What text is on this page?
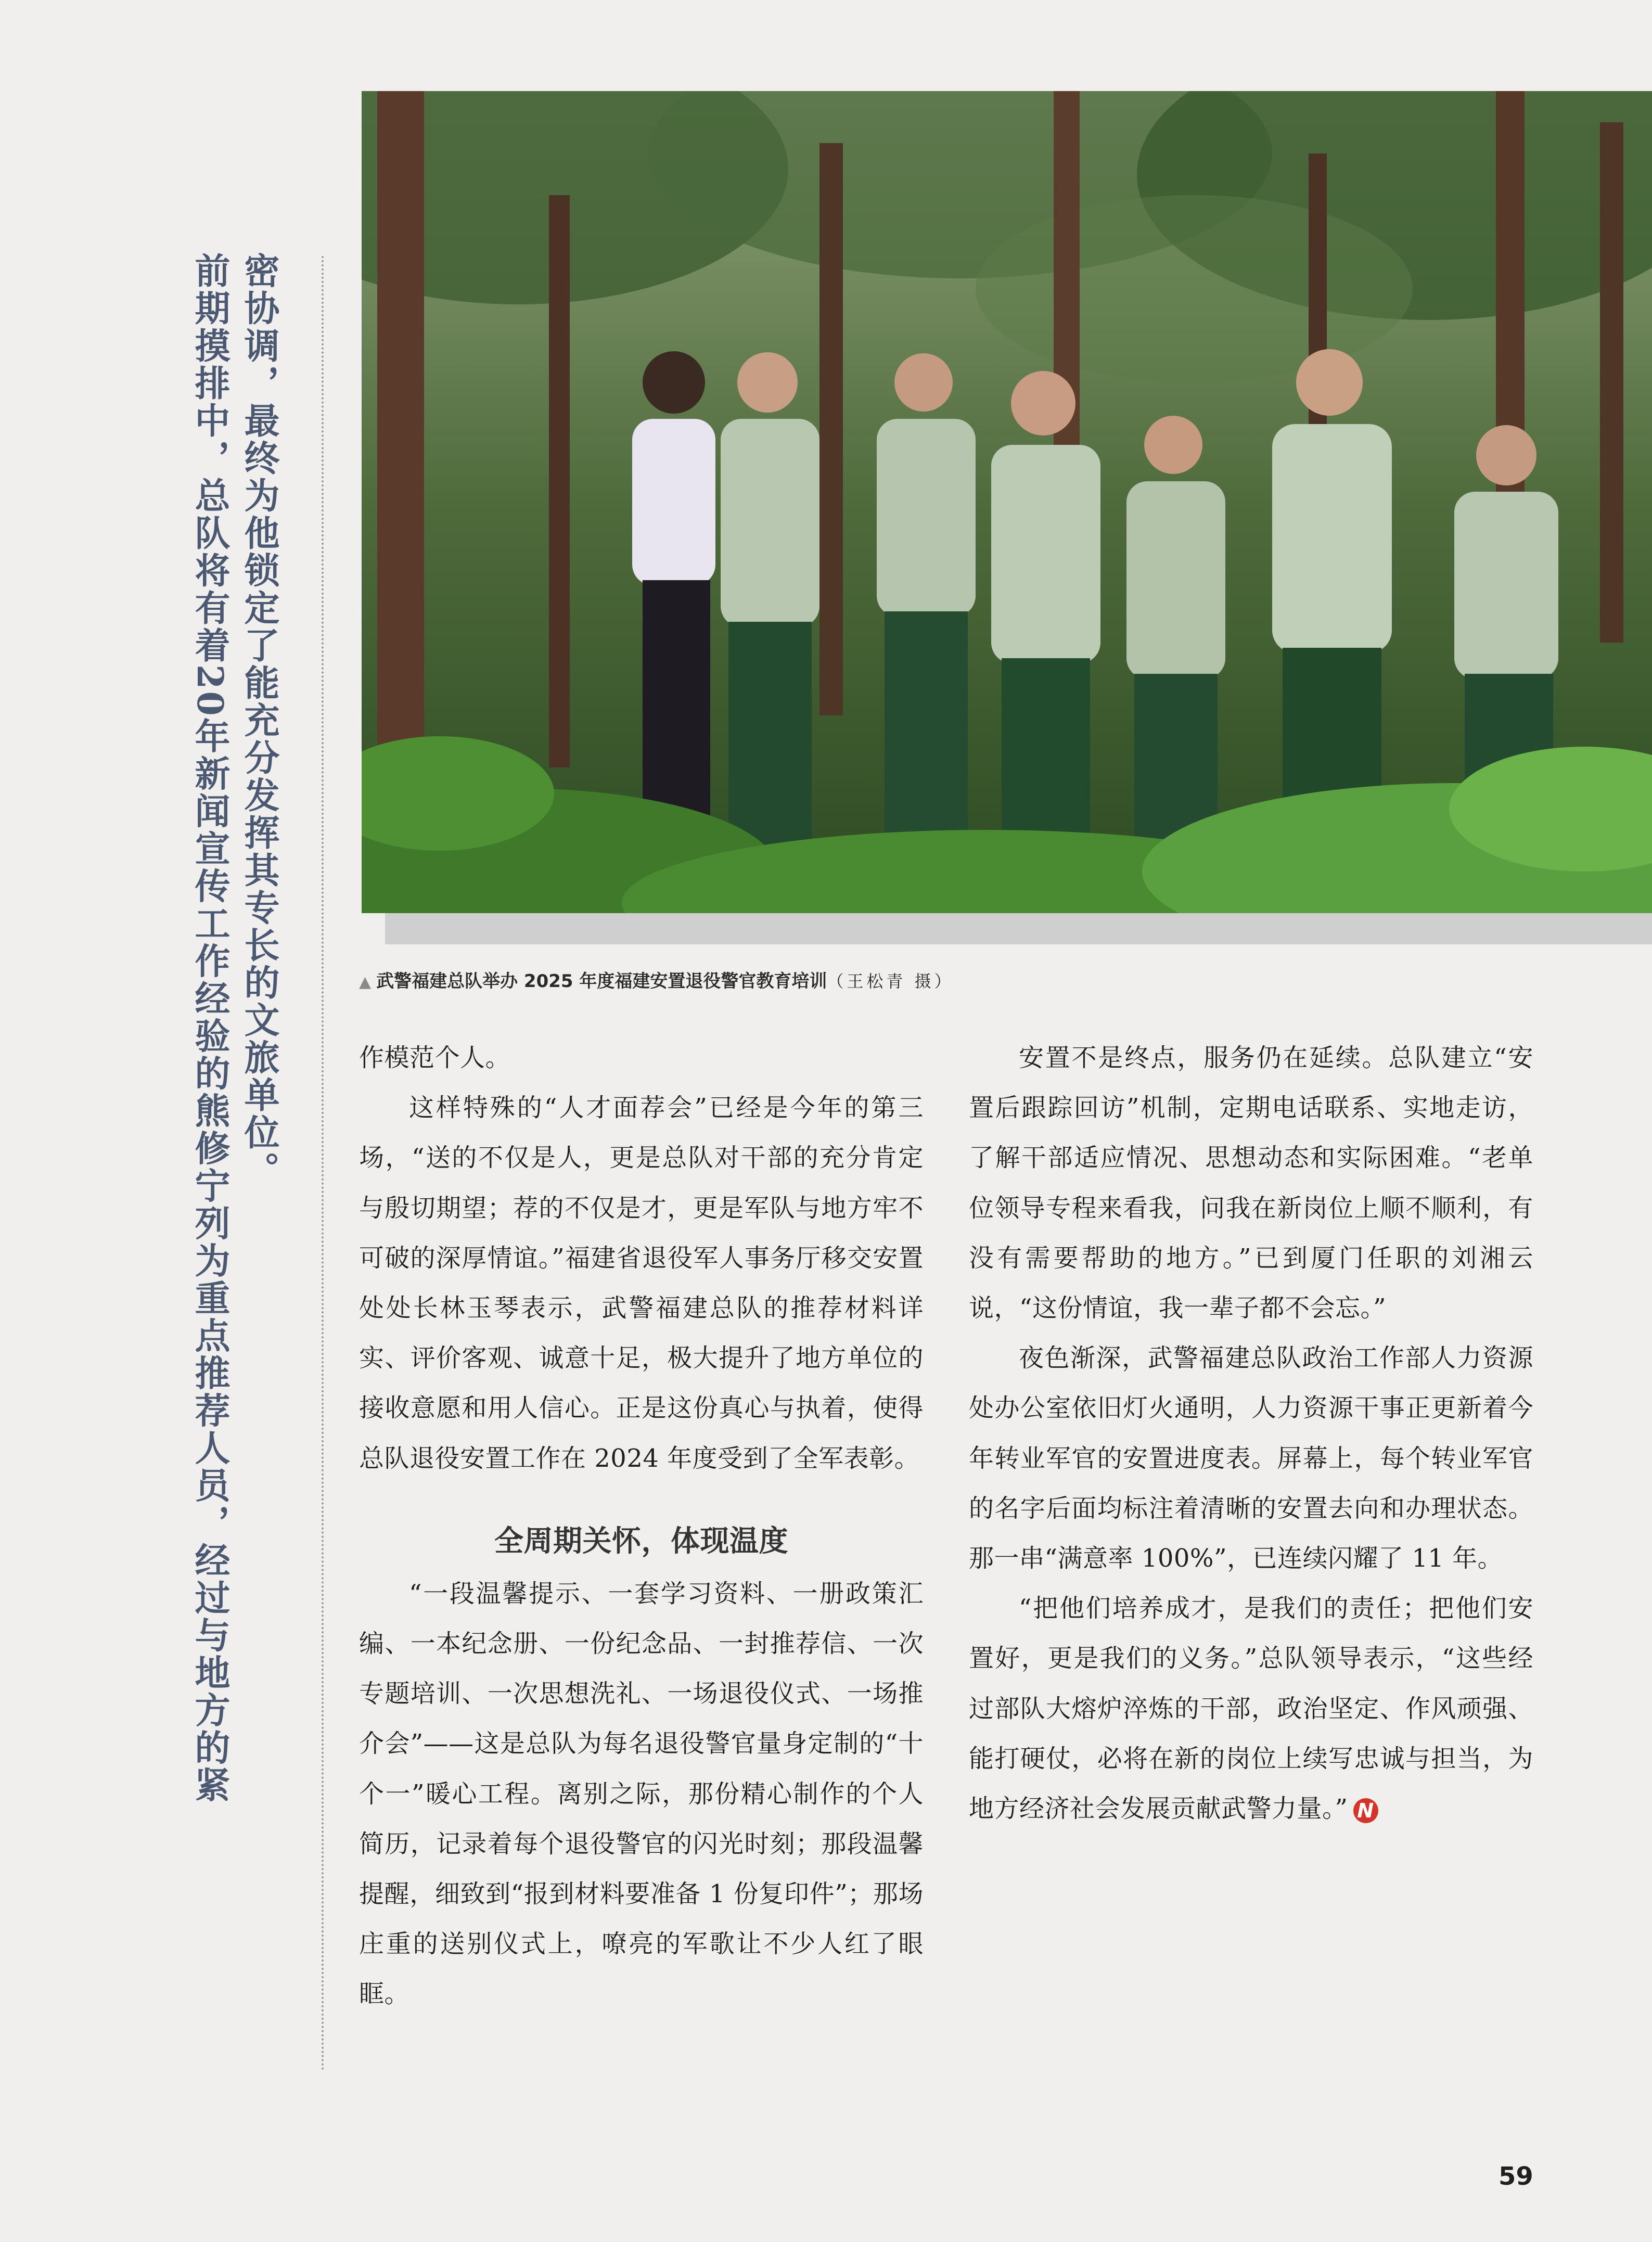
密协调，最终为他锁定了能充分发挥其专长的文旅单位。

前期摸排中，总队将有着20年新闻宣传工作经验的熊修宁列为重点推荐人员，经过与地方的紧	▲ 武警福建总队举办 2025 年度福建安置退役警官教育培训（王松青 摄）

作模范个人。

这样特殊的“人才面荐会”已经是今年的第三场，“送的不仅是人，更是总队对干部的充分肯定与殷切期望；荐的不仅是才，更是军队与地方牢不可破的深厚情谊。”福建省退役军人事务厅移交安置处处长林玉琴表示，武警福建总队的推荐材料详实、评价客观、诚意十足，极大提升了地方单位的接收意愿和用人信心。正是这份真心与执着，使得总队退役安置工作在 2024 年度受到了全军表彰。

全周期关怀，体现温度

“一段温馨提示、一套学习资料、一册政策汇编、一本纪念册、一份纪念品、一封推荐信、一次专题培训、一次思想洗礼、一场退役仪式、一场推介会”——这是总队为每名退役警官量身定制的“十个一”暖心工程。离别之际，那份精心制作的个人简历，记录着每个退役警官的闪光时刻；那段温馨提醒，细致到“报到材料要准备 1 份复印件”；那场庄重的送别仪式上，嘹亮的军歌让不少人红了眼眶。

安置不是终点，服务仍在延续。总队建立“安置后跟踪回访”机制，定期电话联系、实地走访，了解干部适应情况、思想动态和实际困难。“老单位领导专程来看我，问我在新岗位上顺不顺利，有没有需要帮助的地方。”已到厦门任职的刘湘云说，“这份情谊，我一辈子都不会忘。”

夜色渐深，武警福建总队政治工作部人力资源处办公室依旧灯火通明，人力资源干事正更新着今年转业军官的安置进度表。屏幕上，每个转业军官的名字后面均标注着清晰的安置去向和办理状态。那一串“满意率 100%”，已连续闪耀了 11 年。

“把他们培养成才，是我们的责任；把他们安置好，更是我们的义务。”总队领导表示，“这些经过部队大熔炉淬炼的干部，政治坚定、作风顽强、能打硬仗，必将在新的岗位上续写忠诚与担当，为地方经济社会发展贡献武警力量。” N

59
